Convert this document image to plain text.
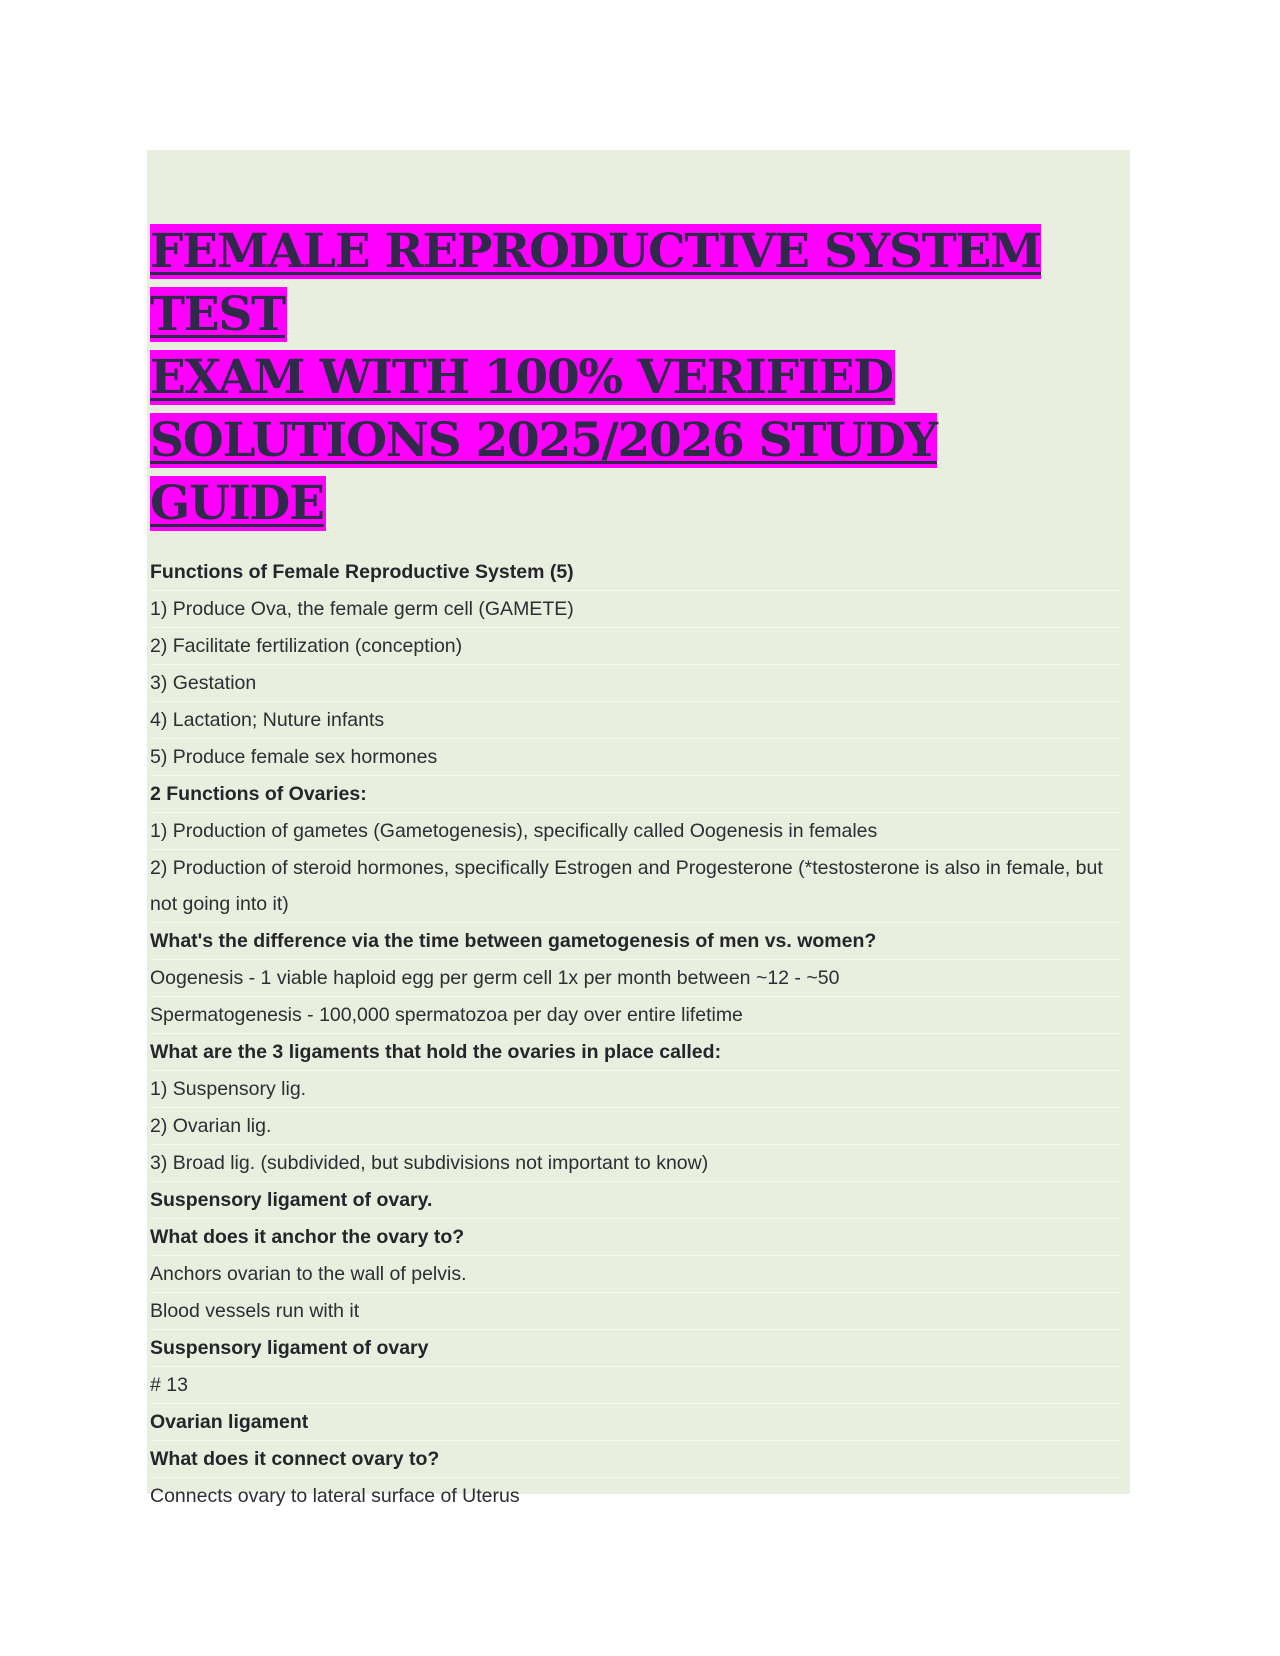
FEMALE REPRODUCTIVE SYSTEM TEST
EXAM WITH 100% VERIFIED
SOLUTIONS 2025/2026 STUDY GUIDE
Functions of Female Reproductive System (5)
1) Produce Ova, the female germ cell (GAMETE)
2) Facilitate fertilization (conception)
3) Gestation
4) Lactation; Nuture infants
5) Produce female sex hormones
2 Functions of Ovaries:
1) Production of gametes (Gametogenesis), specifically called Oogenesis in females
2) Production of steroid hormones, specifically Estrogen and Progesterone (*testosterone is also in female, but not going into it)
What's the difference via the time between gametogenesis of men vs. women?
Oogenesis - 1 viable haploid egg per germ cell 1x per month between ~12 - ~50
Spermatogenesis - 100,000 spermatozoa per day over entire lifetime
What are the 3 ligaments that hold the ovaries in place called:
1) Suspensory lig.
2) Ovarian lig.
3) Broad lig. (subdivided, but subdivisions not important to know)
Suspensory ligament of ovary.
What does it anchor the ovary to?
Anchors ovarian to the wall of pelvis.
Blood vessels run with it
Suspensory ligament of ovary
# 13
Ovarian ligament
What does it connect ovary to?
Connects ovary to lateral surface of Uterus
